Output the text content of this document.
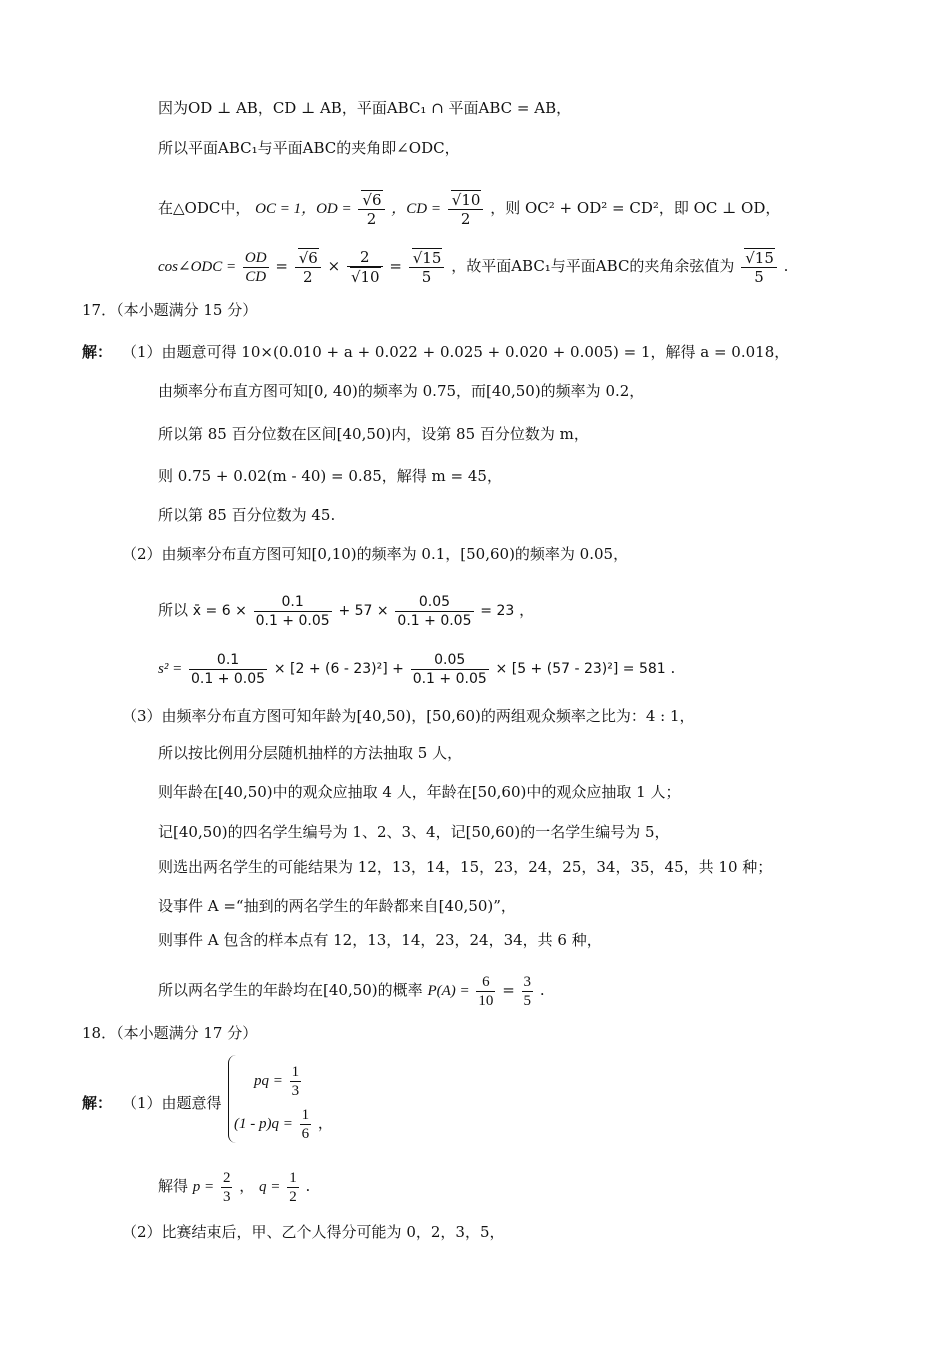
因为OD ⊥ AB，CD ⊥ AB，平面ABC₁ ∩ 平面ABC = AB，
所以平面ABC₁与平面ABC的夹角即∠ODC，
在△ODC中， OC = 1，OD = $\frac{√6}{2}$ ，CD = $\frac{√10}{2}$ ，则 OC² + OD² = CD²，即 OC ⊥ OD，
cos∠ODC = $\frac{OD}{CD} = \frac{√6}{2} \times \frac{2}{√10} = \frac{√15}{5}$ ，故平面ABC₁与平面ABC的夹角余弦值为 $\frac{√15}{5}$ .
17．（本小题满分 15 分）
解： （1）由题意可得 10×(0.010 + a + 0.022 + 0.025 + 0.020 + 0.005) = 1，解得 a = 0.018，
由频率分布直方图可知[0, 40)的频率为 0.75，而[40,50)的频率为 0.2，
所以第 85 百分位数在区间[40,50)内，设第 85 百分位数为 m，
则 0.75 + 0.02(m - 40) = 0.85，解得 m = 45，
所以第 85 百分位数为 45.
（2）由频率分布直方图可知[0,10)的频率为 0.1，[50,60)的频率为 0.05，
所以 x̄ = $6 \times \frac{0.1}{0.1 + 0.05} + 57 \times \frac{0.05}{0.1 + 0.05} = 23$ ，
$s^2 = \frac{0.1}{0.1 + 0.05} \times [2 + (6 - 23)^2] + \frac{0.05}{0.1 + 0.05} \times [5 + (57 - 23)^2] = 581$ .
（3）由频率分布直方图可知年龄为[40,50)，[50,60)的两组观众频率之比为：4 : 1，
所以按比例用分层随机抽样的方法抽取 5 人，
则年龄在[40,50)中的观众应抽取 4 人，年龄在[50,60)中的观众应抽取 1 人；
记[40,50)的四名学生编号为 1、2、3、4，记[50,60)的一名学生编号为 5，
则选出两名学生的可能结果为 12，13，14，15，23，24，25，34，35，45，共 10 种；
设事件 A =“抽到的两名学生的年龄都来自[40,50)”，
则事件 A 包含的样本点有 12，13，14，23，24，34，共 6 种，
所以两名学生的年龄均在[40,50)的概率 $P(A) = \frac{6}{10} = \frac{3}{5}$ .
18．（本小题满分 17 分）
解： （1）由题意得
pq = $\frac{1}{3}$
$(1 - p)q = \frac{1}{6}$ ，
解得 $p = \frac{2}{3}$ ， $q = \frac{1}{2}$ .
（2）比赛结束后，甲、乙个人得分可能为 0，2，3，5，
